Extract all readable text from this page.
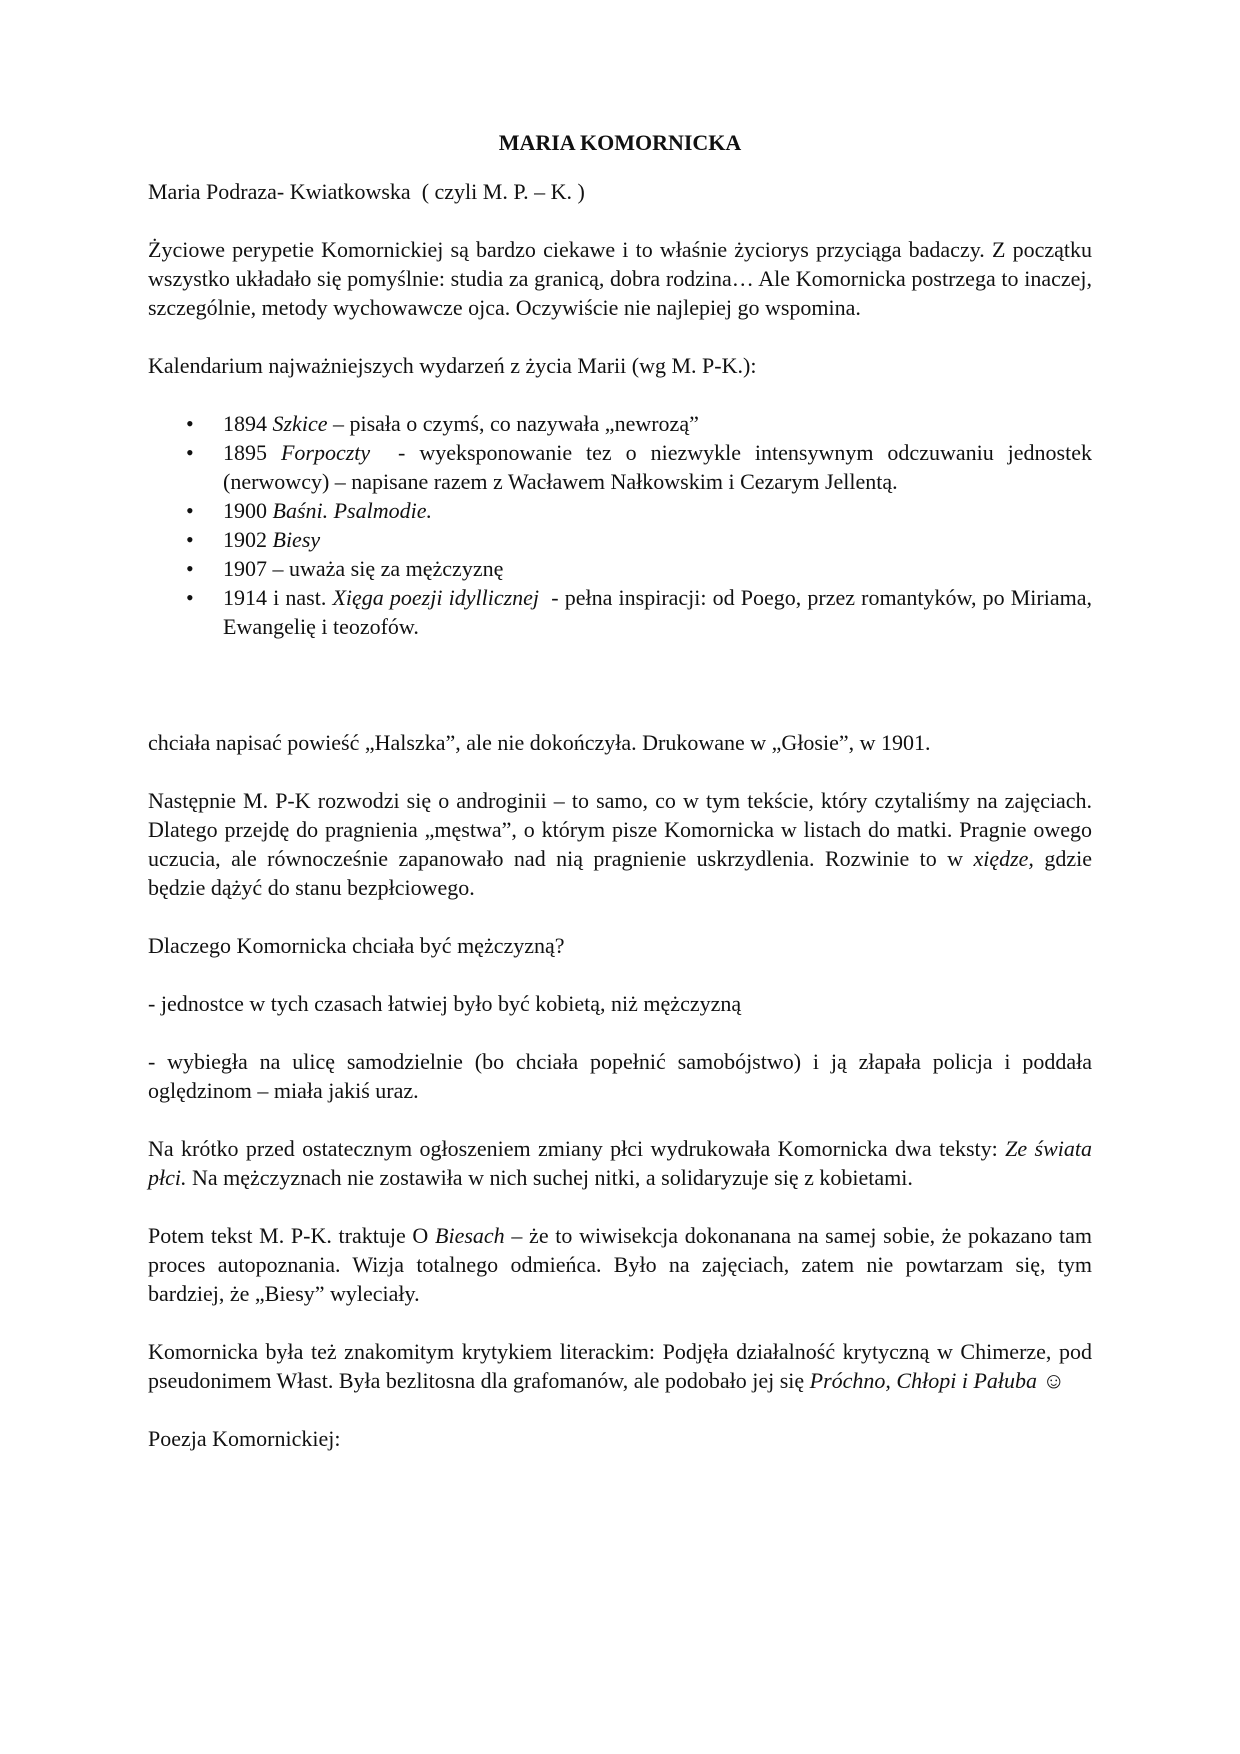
MARIA KOMORNICKA

Maria Podraza- Kwiatkowska  ( czyli M. P. – K. )

Życiowe perypetie Komornickiej są bardzo ciekawe i to właśnie życiorys przyciąga badaczy. Z początku wszystko układało się pomyślnie: studia za granicą, dobra rodzina… Ale Komornicka postrzega to inaczej, szczególnie, metody wychowawcze ojca. Oczywiście nie najlepiej go wspomina.

Kalendarium najważniejszych wydarzeń z życia Marii (wg M. P-K.):

•	1894 Szkice – pisała o czymś, co nazywała „newrozą”
•	1895 Forpoczty  - wyeksponowanie tez o niezwykle intensywnym odczuwaniu jednostek (nerwowcy) – napisane razem z Wacławem Nałkowskim i Cezarym Jellentą.
•	1900 Baśni. Psalmodie.
•	1902 Biesy
•	1907 – uważa się za mężczyznę
•	1914 i nast. Xięga poezji idyllicznej  - pełna inspiracji: od Poego, przez romantyków, po Miriama, Ewangelię i teozofów.

chciała napisać powieść „Halszka”, ale nie dokończyła. Drukowane w „Głosie”, w 1901.

Następnie M. P-K rozwodzi się o androginii – to samo, co w tym tekście, który czytaliśmy na zajęciach. Dlatego przejdę do pragnienia „męstwa”, o którym pisze Komornicka w listach do matki. Pragnie owego uczucia, ale równocześnie zapanowało nad nią pragnienie uskrzydlenia. Rozwinie to w xiędze, gdzie będzie dążyć do stanu bezpłciowego.

Dlaczego Komornicka chciała być mężczyzną?

- jednostce w tych czasach łatwiej było być kobietą, niż mężczyzną

- wybiegła na ulicę samodzielnie (bo chciała popełnić samobójstwo) i ją złapała policja i poddała oględzinom – miała jakiś uraz.

Na krótko przed ostatecznym ogłoszeniem zmiany płci wydrukowała Komornicka dwa teksty: Ze świata płci. Na mężczyznach nie zostawiła w nich suchej nitki, a solidaryzuje się z kobietami.

Potem tekst M. P-K. traktuje O Biesach – że to wiwisekcja dokonanana na samej sobie, że pokazano tam proces autopoznania. Wizja totalnego odmieńca. Było na zajęciach, zatem nie powtarzam się, tym bardziej, że „Biesy” wyleciały.

Komornicka była też znakomitym krytykiem literackim: Podjęła działalność krytyczną w Chimerze, pod pseudonimem Włast. Była bezlitosna dla grafomanów, ale podobało jej się Próchno, Chłopi i Pałuba ☺

Poezja Komornickiej:
